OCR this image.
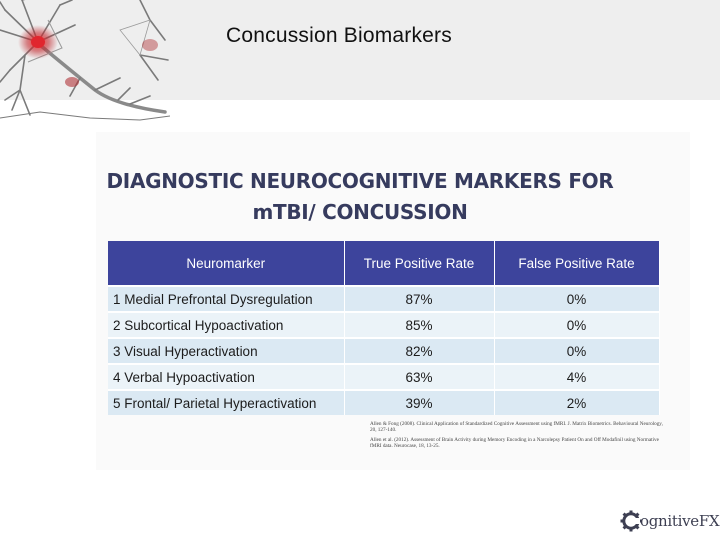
Concussion Biomarkers
DIAGNOSTIC NEUROCOGNITIVE MARKERS FOR
mTBI/ CONCUSSION
Neuromarker	True Positive Rate	False Positive Rate
1 Medial Prefrontal Dysregulation	87%	0%
2 Subcortical Hypoactivation	85%	0%
3 Visual Hyperactivation	82%	0%
4 Verbal Hypoactivation	63%	4%
5 Frontal/ Parietal Hyperactivation	39%	2%

Allen & Fong (2008). Clinical Application of Standardized Cognitive Assessment using fMRI. J. Matrix Biometrics. Behavioural Neurology, 20, 127-140.

Allen et al. (2012). Assessment of Brain Activity during Memory Encoding in a Narcolepsy Patient On and Off Modafinil using Normative fMRI data. Neurocase, 18, 13-25.

ognitiveFX
